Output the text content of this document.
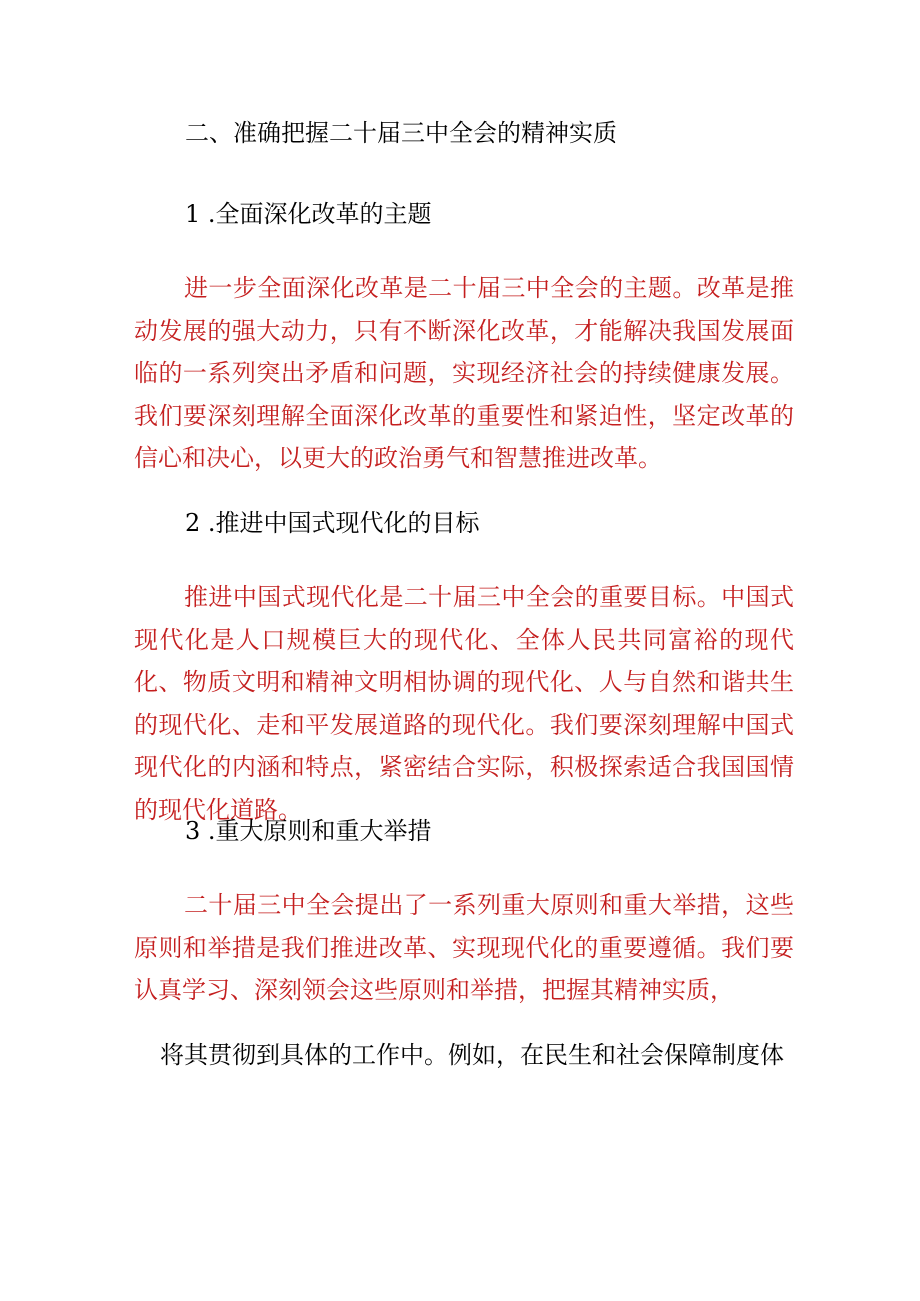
二、准确把握二十届三中全会的精神实质
1 .全面深化改革的主题

进一步全面深化改革是二十届三中全会的主题。改革是推动发展的强大动力，只有不断深化改革，才能解决我国发展面临的一系列突出矛盾和问题，实现经济社会的持续健康发展。我们要深刻理解全面深化改革的重要性和紧迫性，坚定改革的信心和决心，以更大的政治勇气和智慧推进改革。

2 .推进中国式现代化的目标

推进中国式现代化是二十届三中全会的重要目标。中国式现代化是人口规模巨大的现代化、全体人民共同富裕的现代化、物质文明和精神文明相协调的现代化、人与自然和谐共生的现代化、走和平发展道路的现代化。我们要深刻理解中国式现代化的内涵和特点，紧密结合实际，积极探索适合我国国情的现代化道路。

3 .重大原则和重大举措

二十届三中全会提出了一系列重大原则和重大举措，这些原则和举措是我们推进改革、实现现代化的重要遵循。我们要认真学习、深刻领会这些原则和举措，把握其精神实质，

将其贯彻到具体的工作中。例如，在民生和社会保障制度体
